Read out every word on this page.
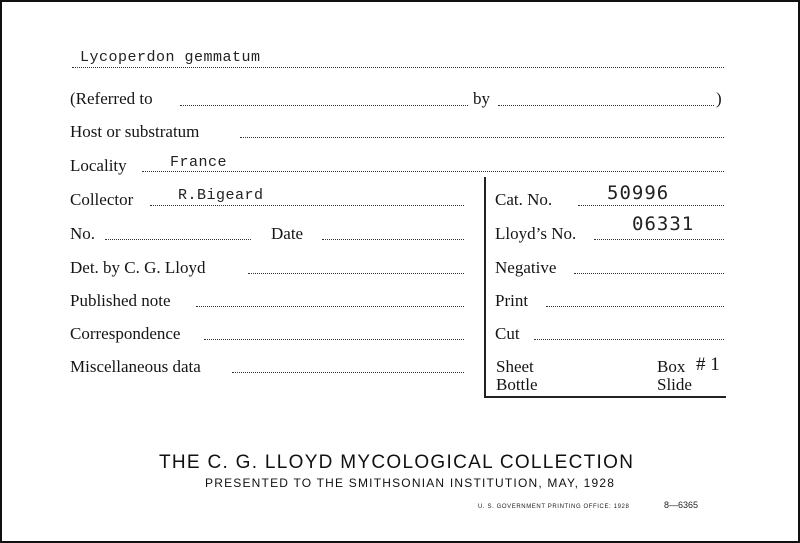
Lycoperdon gemmatum
(Referred to	by	)
Host or substratum
Locality	France
Collector	R.Bigeard
No.	Date
Det. by C. G. Lloyd
Published note
Correspondence
Miscellaneous data
Cat. No.	50996
Lloyd’s No.	06331
Negative
Print
Cut
Sheet
Bottle
Box # 1
Slide
THE C. G. LLOYD MYCOLOGICAL COLLECTION
PRESENTED TO THE SMITHSONIAN INSTITUTION, MAY, 1928
U. S. GOVERNMENT PRINTING OFFICE: 1928	8—6365
